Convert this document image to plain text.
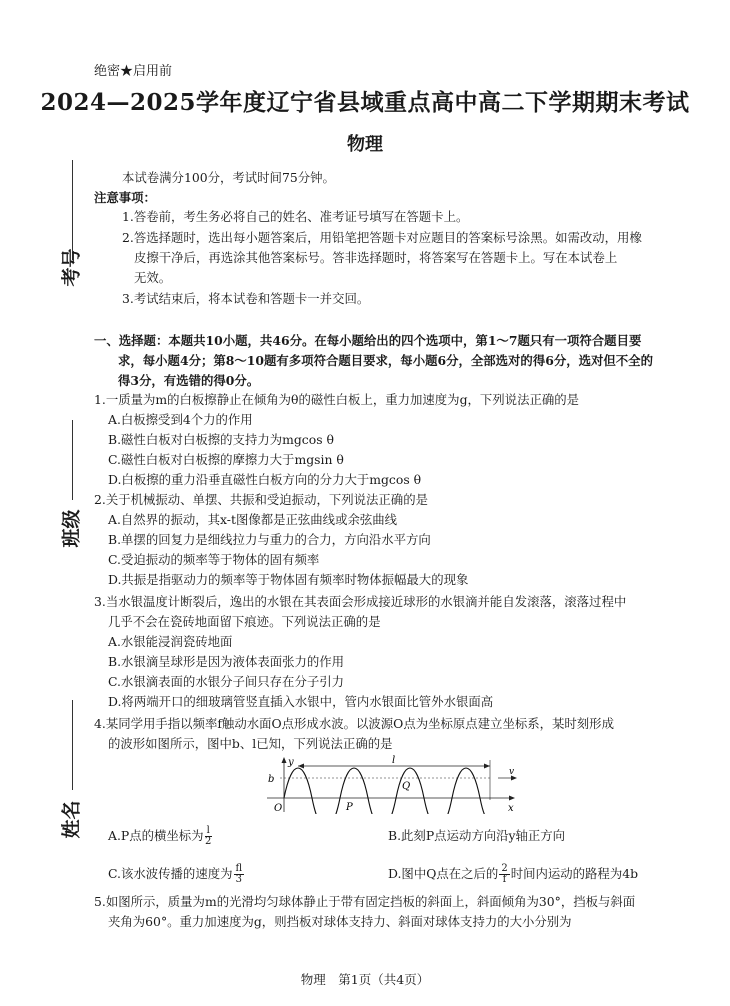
绝密★启用前
2024—2025学年度辽宁省县域重点高中高二下学期期末考试
物理
考号
班级
姓名
本试卷满分100分，考试时间75分钟。
注意事项：
1.答卷前，考生务必将自己的姓名、准考证号填写在答题卡上。
2.答选择题时，选出每小题答案后，用铅笔把答题卡对应题目的答案标号涂黑。如需改动，用橡
皮擦干净后，再选涂其他答案标号。答非选择题时，将答案写在答题卡上。写在本试卷上
无效。
3.考试结束后，将本试卷和答题卡一并交回。
一、选择题：本题共10小题，共46分。在每小题给出的四个选项中，第1～7题只有一项符合题目要
求，每小题4分；第8～10题有多项符合题目要求，每小题6分，全部选对的得6分，选对但不全的
得3分，有选错的得0分。
1.一质量为m的白板擦静止在倾角为θ的磁性白板上，重力加速度为g，下列说法正确的是
A.白板擦受到4个力的作用
B.磁性白板对白板擦的支持力为mgcos θ
C.磁性白板对白板擦的摩擦力大于mgsin θ
D.白板擦的重力沿垂直磁性白板方向的分力大于mgcos θ
2.关于机械振动、单摆、共振和受迫振动，下列说法正确的是
A.自然界的振动，其x-t图像都是正弦曲线或余弦曲线
B.单摆的回复力是细线拉力与重力的合力，方向沿水平方向
C.受迫振动的频率等于物体的固有频率
D.共振是指驱动力的频率等于物体固有频率时物体振幅最大的现象
3.当水银温度计断裂后，逸出的水银在其表面会形成接近球形的水银滴并能自发滚落，滚落过程中
几乎不会在瓷砖地面留下痕迹。下列说法正确的是
A.水银能浸润瓷砖地面
B.水银滴呈球形是因为液体表面张力的作用
C.水银滴表面的水银分子间只存在分子引力
D.将两端开口的细玻璃管竖直插入水银中，管内水银面比管外水银面高
4.某同学用手指以频率f触动水面O点形成水波。以波源O点为坐标原点建立坐标系，某时刻形成
的波形如图所示，图中b、l已知，下列说法正确的是
y
x
O
b
l
v
P
Q
A.P点的横坐标为 $\frac{l}{2}$	B.此刻P点运动方向沿y轴正方向
C.该水波传播的速度为 $\frac{fl}{3}$	D.图中Q点在之后的 $\frac{2}{f}$ 时间内运动的路程为4b
5.如图所示，质量为m的光滑均匀球体静止于带有固定挡板的斜面上，斜面倾角为30°，挡板与斜面
夹角为60°。重力加速度为g，则挡板对球体支持力、斜面对球体支持力的大小分别为
物理　第1页（共4页）
